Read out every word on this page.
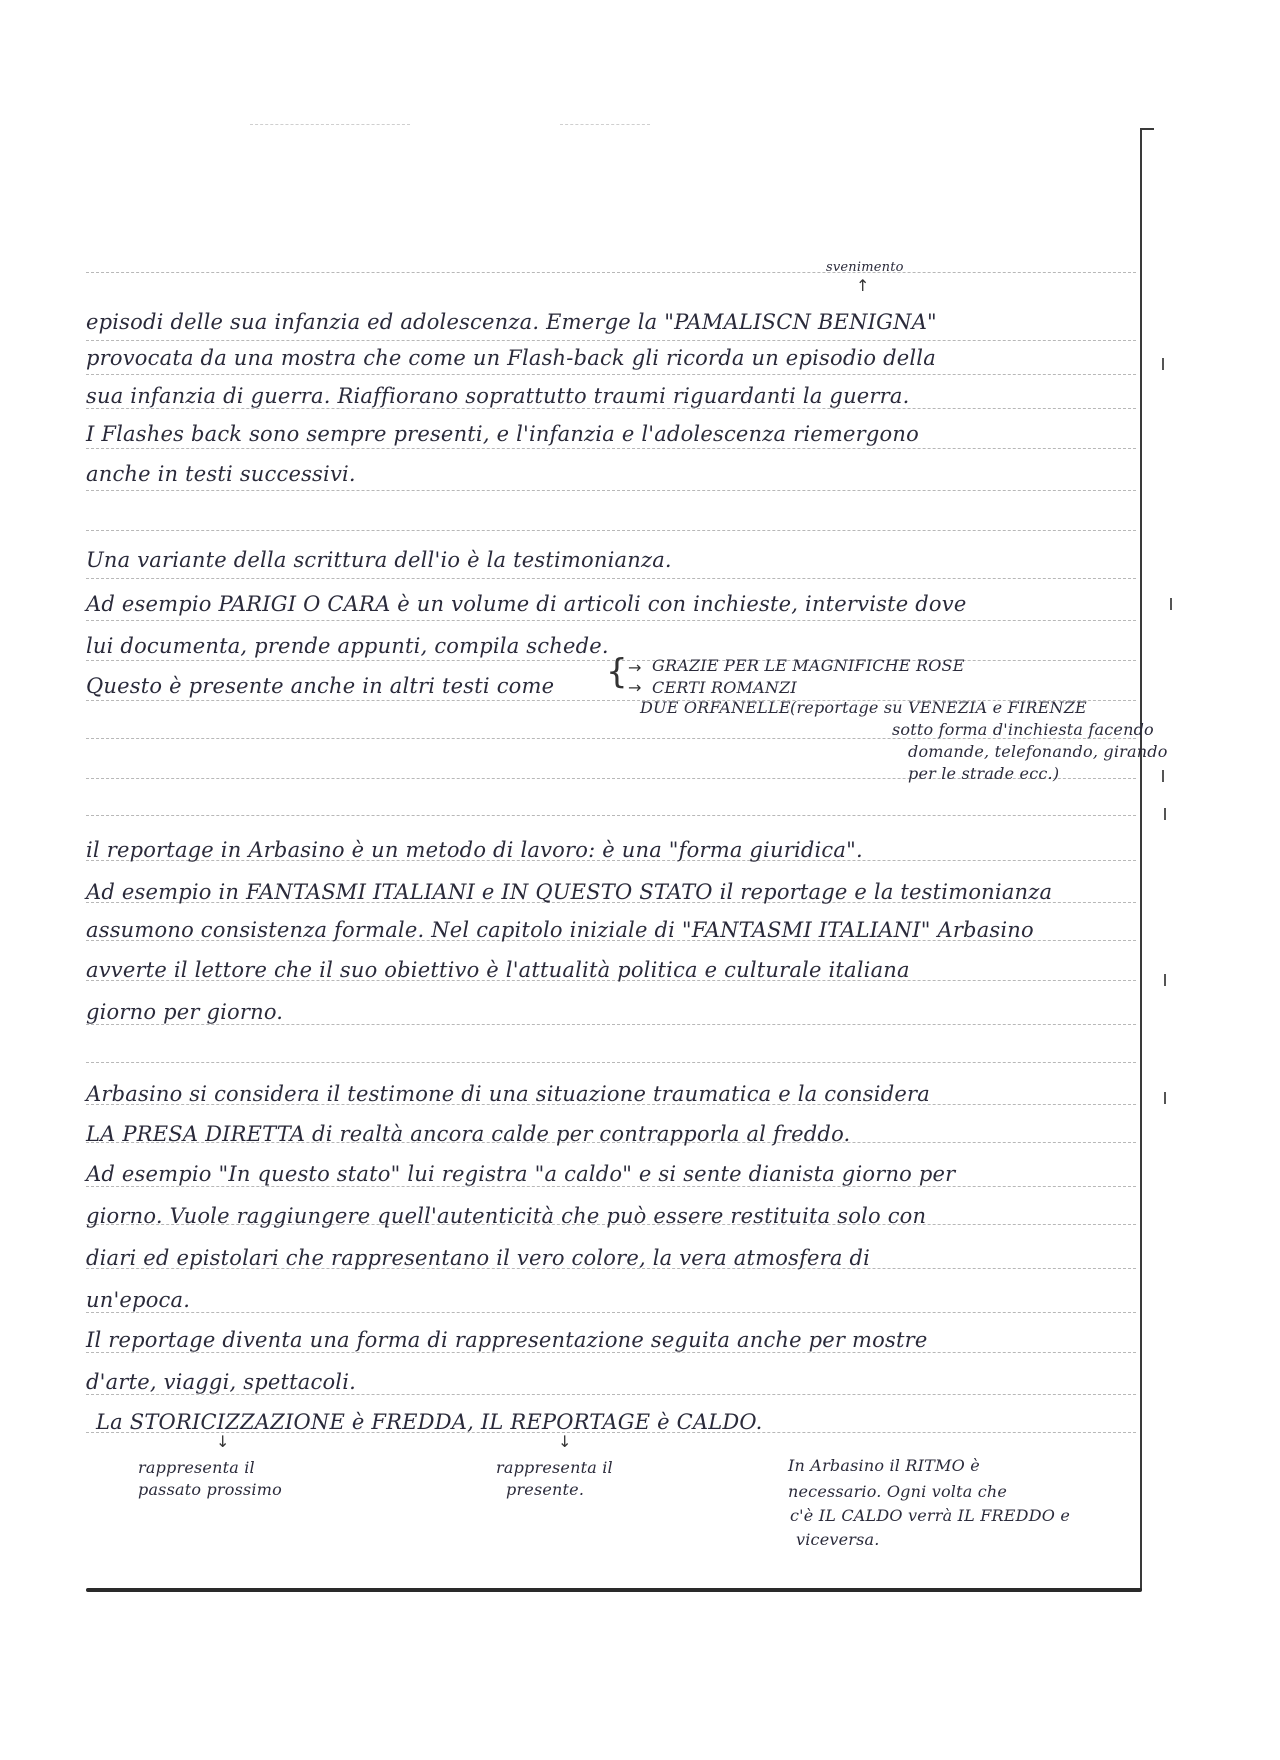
svenimento
↑
episodi delle sua infanzia ed adolescenza. Emerge la "PAMALISCN BENIGNA"
provocata da una mostra che come un Flash-back gli ricorda un episodio della
sua infanzia di guerra. Riaffiorano soprattutto traumi riguardanti la guerra.
I Flashes back sono sempre presenti, e l'infanzia e l'adolescenza riemergono
anche in testi successivi.
Una variante della scrittura dell'io è la testimonianza.
Ad esempio PARIGI O CARA è un volume di articoli con inchieste, interviste dove
lui documenta, prende appunti, compila schede.
Questo è presente anche in altri testi come { →
→
GRAZIE PER LE MAGNIFICHE ROSE
CERTI ROMANZI
DUE ORFANELLE (reportage su VENEZIA e FIRENZE
sotto forma d'inchiesta facendo
domande, telefonando, girando
per le strade ecc.)
il reportage in Arbasino è un metodo di lavoro: è una "forma giuridica".
Ad esempio in FANTASMI ITALIANI e IN QUESTO STATO il reportage e la testimonianza
assumono consistenza formale. Nel capitolo iniziale di "FANTASMI ITALIANI" Arbasino
avverte il lettore che il suo obiettivo è l'attualità politica e culturale italiana
giorno per giorno.
Arbasino si considera il testimone di una situazione traumatica e la considera
LA PRESA DIRETTA di realtà ancora calde per contrapporla al freddo.
Ad esempio "In questo stato" lui registra "a caldo" e si sente dianista giorno per
giorno. Vuole raggiungere quell'autenticità che può essere restituita solo con
diari ed epistolari che rappresentano il vero colore, la vera atmosfera di
un'epoca.
Il reportage diventa una forma di rappresentazione seguita anche per mostre
d'arte, viaggi, spettacoli.
La STORICIZZAZIONE è FREDDA, IL REPORTAGE è CALDO.
↓	↓
rappresenta il
passato prossimo
rappresenta il
presente.
In Arbasino il RITMO è
necessario. Ogni volta che
c'è IL CALDO verrà IL FREDDO e
viceversa.
